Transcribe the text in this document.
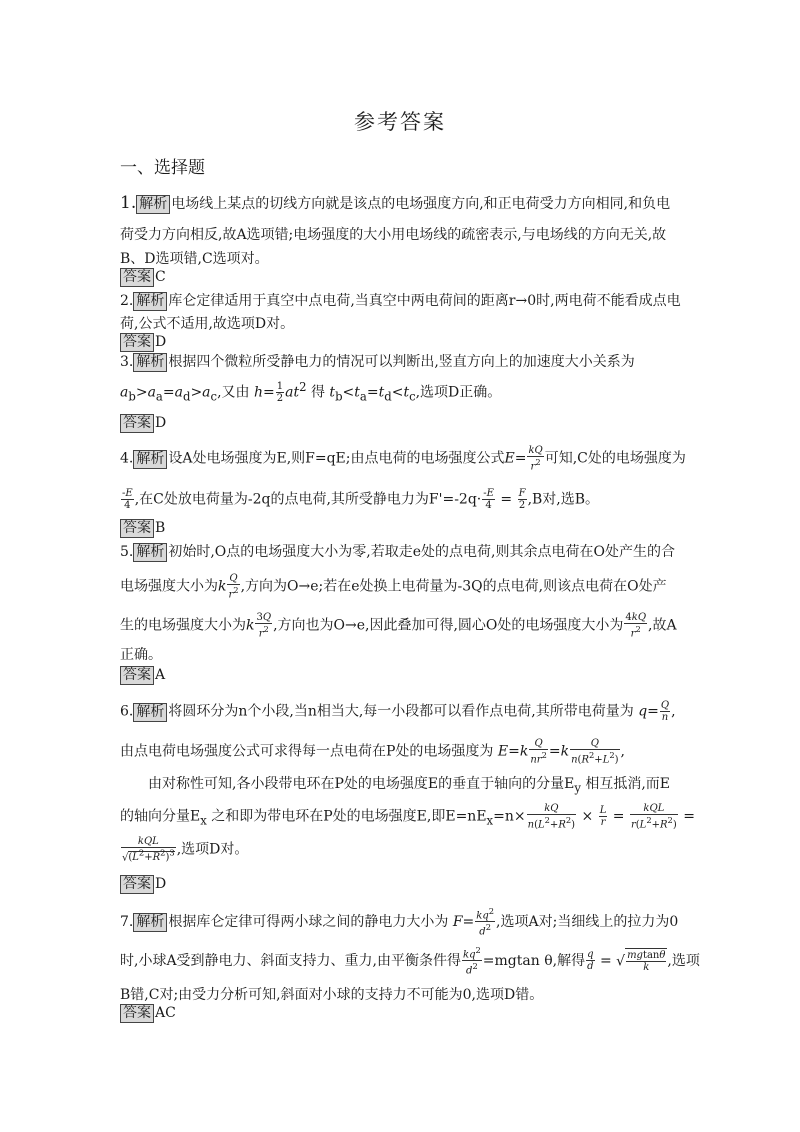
参考答案
一、选择题
1. 解析 电场线上某点的切线方向就是该点的电场强度方向,和正电荷受力方向相同,和负电
荷受力方向相反,故A选项错;电场强度的大小用电场线的疏密表示,与电场线的方向无关,故
B、D选项错,C选项对。
答案 C
2. 解析 库仑定律适用于真空中点电荷,当真空中两电荷间的距离r→0时,两电荷不能看成点电
荷,公式不适用,故选项D对。
答案 D
3. 解析 根据四个微粒所受静电力的情况可以判断出,竖直方向上的加速度大小关系为
$a_b>a_a=a_d>a_c$,又由 $h= \frac{1}{2} at^2$ 得 $t_b<t_a=t_d<t_c$,选项D正确。
答案 D
4. 解析 设A处电场强度为E,则F=qE;由点电荷的电场强度公式$E= \frac{kQ}{r^2}$ 可知,C处的电场强度为
$\frac{-E}{4}$ ,在C处放电荷量为-2q的点电荷,其所受静电力为$F'=-2q\cdot \frac{-E}{4} = \frac{F}{2} ,B$对,选B。
答案 B
5. 解析 初始时,O点的电场强度大小为零,若取走e处的点电荷,则其余点电荷在O处产生的合
电场强度大小为k $\frac{Q}{r^2}$ ,方向为O→e;若在e处换上电荷量为-3Q的点电荷,则该点电荷在O处产
生的电场强度大小为k $\frac{3Q}{r^2}$ ,方向也为O→e,因此叠加可得,圆心O处的电场强度大小为 $\frac{4kQ}{r^2}$ ,故A
正确。
答案 A
6. 解析 将圆环分为n个小段,当n相当大,每一小段都可以看作点电荷,其所带电荷量为 $q= \frac{Q}{n}$ ,
由点电荷电场强度公式可求得每一点电荷在P处的电场强度为 $E=k \frac{Q}{nr^2} =k \frac{Q}{n(R^2+L^2)}$ ,
由对称性可知,各小段带电环在P处的电场强度E的垂直于轴向的分量$E_y$ 相互抵消,而E
的轴向分量$E_x$ 之和即为带电环在P处的电场强度E,即$E=nE_x=n\times \frac{kQ}{n(L^2+R^2)} \times \frac{L}{r} = \frac{\text{kQL}}{r(L^2+R^2)}$ =
$\frac{\text{kQL}}{√(L^2+R^2)^3}$ ,选项D对。
答案 D
7. 解析 根据库仑定律可得两小球之间的静电力大小为 $F= \frac{kq^2}{d^2}$ ,选项A对;当细线上的拉力为0
时,小球A受到静电力、斜面支持力、重力,由平衡条件得 $\frac{kq^2}{d^2} =mgtan$ θ,解得 $\frac{q}{d}$ = √ $\frac{mgtan\theta}{k}$ ,选项
B错,C对;由受力分析可知,斜面对小球的支持力不可能为0,选项D错。
答案 AC
